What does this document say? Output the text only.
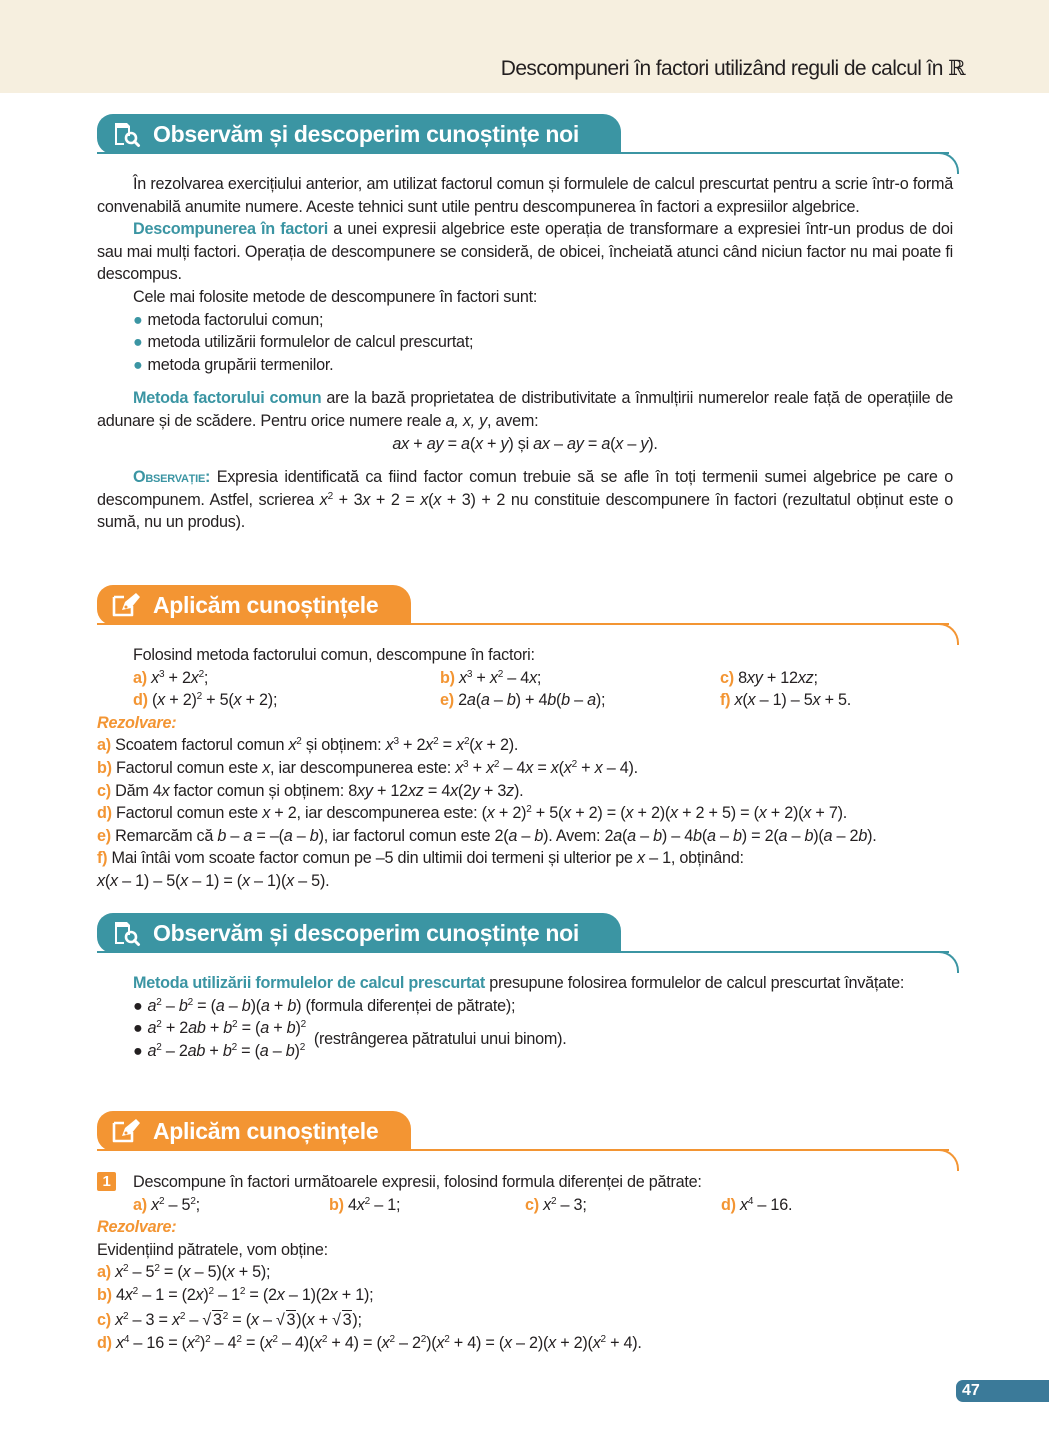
Descompuneri în factori utilizând reguli de calcul în ℝ
Observăm și descoperim cunoștințe noi
În rezolvarea exercițiului anterior, am utilizat factorul comun și formulele de calcul prescurtat pentru a scrie într-o formă convenabilă anumite numere. Aceste tehnici sunt utile pentru descompunerea în factori a expresiilor algebrice.
Descompunerea în factori a unei expresii algebrice este operația de transformare a expresiei într-un produs de doi sau mai mulți factori. Operația de descompunere se consideră, de obicei, încheiată atunci când niciun factor nu mai poate fi descompus.
Cele mai folosite metode de descompunere în factori sunt:
● metoda factorului comun;
● metoda utilizării formulelor de calcul prescurtat;
● metoda grupării termenilor.
Metoda factorului comun are la bază proprietatea de distributivitate a înmulțirii numerelor reale față de operațiile de adunare și de scădere. Pentru orice numere reale a, x, y, avem:
ax + ay = a(x + y) și ax – ay = a(x – y).
Observație: Expresia identificată ca fiind factor comun trebuie să se afle în toți termenii sumei algebrice pe care o descompunem. Astfel, scrierea $x^2 + 3x + 2 = x(x + 3) + 2$ nu constituie descompunere în factori (rezultatul obținut este o sumă, nu un produs).
Aplicăm cunoștințele
Folosind metoda factorului comun, descompune în factori:
a) $x^3 + 2x^2$;	b) $x^3 + x^2 - 4x$;	c) 8xy + 12xz;
d) $(x + 2)^2 + 5(x + 2)$;	e) 2a(a – b) + 4b(b – a);	f) x(x – 1) – 5x + 5.
Rezolvare:
a) Scoatem factorul comun $x^2$ și obținem: $x^3 + 2x^2 = x^2(x + 2)$.
b) Factorul comun este x, iar descompunerea este: $x^3 + x^2 - 4x = x(x^2 + x - 4)$.
c) Dăm 4x factor comun și obținem: 8xy + 12xz = 4x(2y + 3z).
d) Factorul comun este x + 2, iar descompunerea este: $(x + 2)^2 + 5(x + 2) = (x + 2)(x + 2 + 5) = (x + 2)(x + 7)$.
e) Remarcăm că b – a = –(a – b), iar factorul comun este 2(a – b). Avem: 2a(a – b) – 4b(a – b) = 2(a – b)(a – 2b).
f) Mai întâi vom scoate factor comun pe –5 din ultimii doi termeni și ulterior pe x – 1, obținând:
x(x – 1) – 5(x – 1) = (x – 1)(x – 5).
Observăm și descoperim cunoștințe noi
Metoda utilizării formulelor de calcul prescurtat presupune folosirea formulelor de calcul prescurtat învățate:
● $a^2 - b^2 = (a - b)(a + b)$ (formula diferenței de pătrate);
● $a^2 + 2ab + b^2 = (a + b)^2$
● $a^2 - 2ab + b^2 = (a - b)^2$ (restrângerea pătratului unui binom).
Aplicăm cunoștințele
1 Descompune în factori următoarele expresii, folosind formula diferenței de pătrate:
a) $x^2 - 5^2$;	b) $4x^2 - 1$;	c) $x^2 - 3$;	d) $x^4 - 16$.
Rezolvare:
Evidențiind pătratele, vom obține:
a) $x^2 - 5^2 = (x - 5)(x + 5)$;
b) $4x^2 - 1 = (2x)^2 - 1^2 = (2x - 1)(2x + 1)$;
c) $x^2 - 3 = x^2$ – √ $3^2 = (x$ – √ 3)(x + √ 3);
d) $x^4 - 16 = (x^2)^2 - 4^2 = (x^2 - 4)(x^2 + 4) = (x^2 - 2^2)(x^2 + 4) = (x - 2)(x + 2)(x^2 + 4)$.
47
